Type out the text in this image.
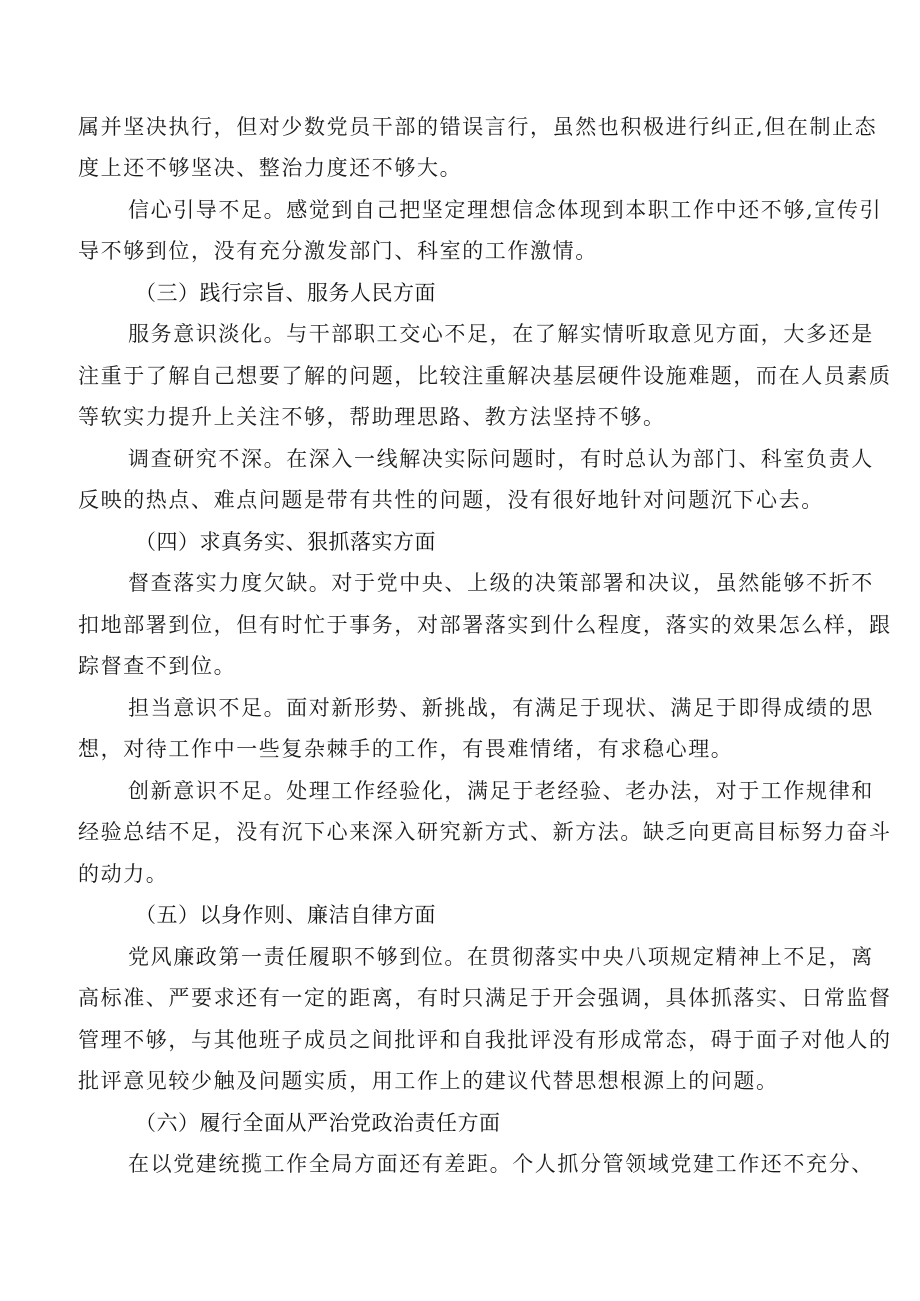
属并坚决执行，但对少数党员干部的错误言行，虽然也积极进行纠正,但在制止态
度上还不够坚决、整治力度还不够大。
信心引导不足。感觉到自己把坚定理想信念体现到本职工作中还不够,宣传引
导不够到位，没有充分激发部门、科室的工作激情。
（三）践行宗旨、服务人民方面
服务意识淡化。与干部职工交心不足，在了解实情听取意见方面，大多还是
注重于了解自己想要了解的问题，比较注重解决基层硬件设施难题，而在人员素质
等软实力提升上关注不够，帮助理思路、教方法坚持不够。
调查研究不深。在深入一线解决实际问题时，有时总认为部门、科室负责人
反映的热点、难点问题是带有共性的问题，没有很好地针对问题沉下心去。
（四）求真务实、狠抓落实方面
督查落实力度欠缺。对于党中央、上级的决策部署和决议，虽然能够不折不
扣地部署到位，但有时忙于事务，对部署落实到什么程度，落实的效果怎么样，跟
踪督查不到位。
担当意识不足。面对新形势、新挑战，有满足于现状、满足于即得成绩的思
想，对待工作中一些复杂棘手的工作，有畏难情绪，有求稳心理。
创新意识不足。处理工作经验化，满足于老经验、老办法，对于工作规律和
经验总结不足，没有沉下心来深入研究新方式、新方法。缺乏向更高目标努力奋斗
的动力。
（五）以身作则、廉洁自律方面
党风廉政第一责任履职不够到位。在贯彻落实中央八项规定精神上不足，离
高标准、严要求还有一定的距离，有时只满足于开会强调，具体抓落实、日常监督
管理不够，与其他班子成员之间批评和自我批评没有形成常态，碍于面子对他人的
批评意见较少触及问题实质，用工作上的建议代替思想根源上的问题。
（六）履行全面从严治党政治责任方面
在以党建统揽工作全局方面还有差距。个人抓分管领域党建工作还不充分、
